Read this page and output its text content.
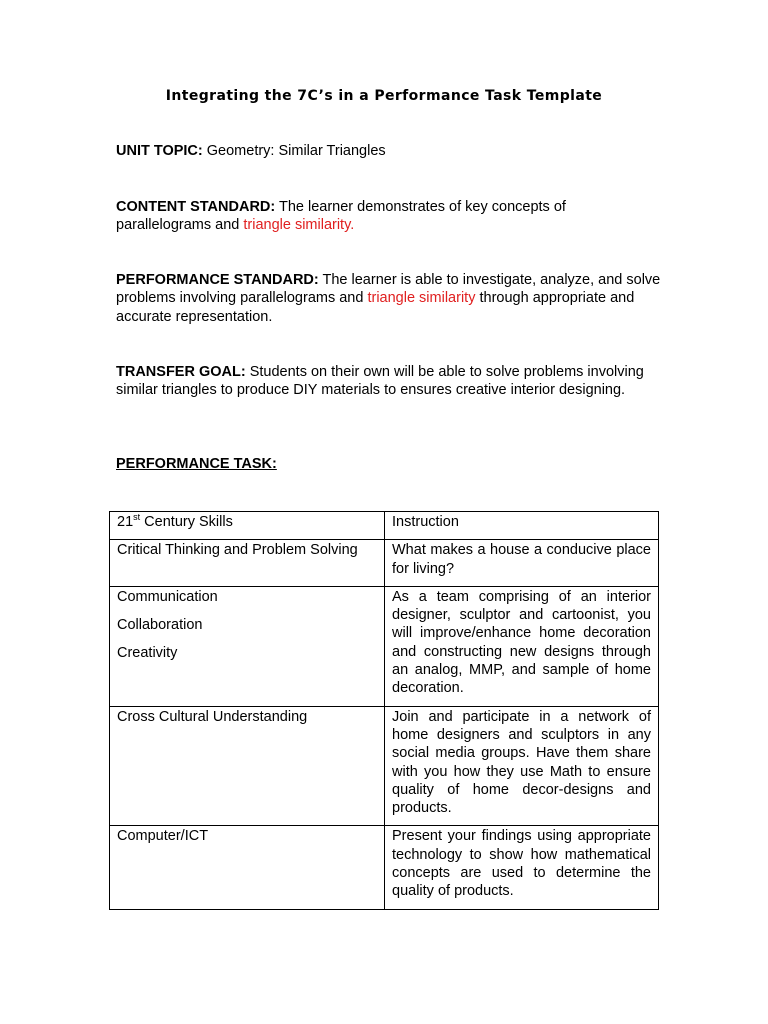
Integrating the 7C’s in a Performance Task Template
UNIT TOPIC: Geometry: Similar Triangles
CONTENT STANDARD: The learner demonstrates of key concepts of parallelograms and triangle similarity.
PERFORMANCE STANDARD: The learner is able to investigate, analyze, and solve problems involving parallelograms and triangle similarity through appropriate and accurate representation.
TRANSFER GOAL: Students on their own will be able to solve problems involving similar triangles to produce DIY materials to ensures creative interior designing.
PERFORMANCE TASK:
21st Century Skills	Instruction

Critical Thinking and Problem Solving	What makes a house a conducive place for living?

Communication
Collaboration
Creativity	As a team comprising of an interior designer, sculptor and cartoonist, you will improve/enhance home decoration and constructing new designs through an analog, MMP, and sample of home decoration.

Cross Cultural Understanding	Join and participate in a network of home designers and sculptors in any social media groups. Have them share with you how they use Math to ensure quality of home decor-designs and products.

Computer/ICT	Present your findings using appropriate technology to show how mathematical concepts are used to determine the quality of products.
